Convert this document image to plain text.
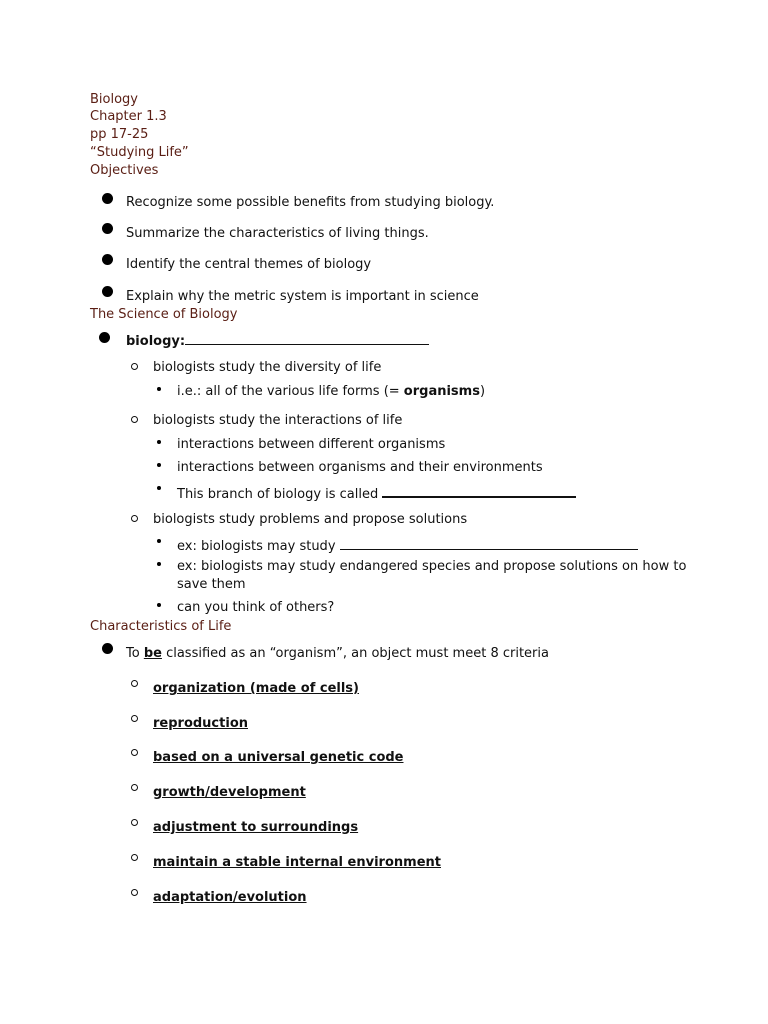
Biology
Chapter 1.3
pp 17-25
“Studying Life”
Objectives
Recognize some possible benefits from studying biology.
Summarize the characteristics of living things.
Identify the central themes of biology
Explain why the metric system is important in science
The Science of Biology
biology:
biologists study the diversity of life
i.e.: all of the various life forms (= organisms)
biologists study the interactions of life
interactions between different organisms
interactions between organisms and their environments
This branch of biology is called
biologists study problems and propose solutions
ex: biologists may study
ex: biologists may study endangered species and propose solutions on how to
save them
can you think of others?
Characteristics of Life
To be classified as an “organism”, an object must meet 8 criteria
organization (made of cells)
reproduction
based on a universal genetic code
growth/development
adjustment to surroundings
maintain a stable internal environment
adaptation/evolution
